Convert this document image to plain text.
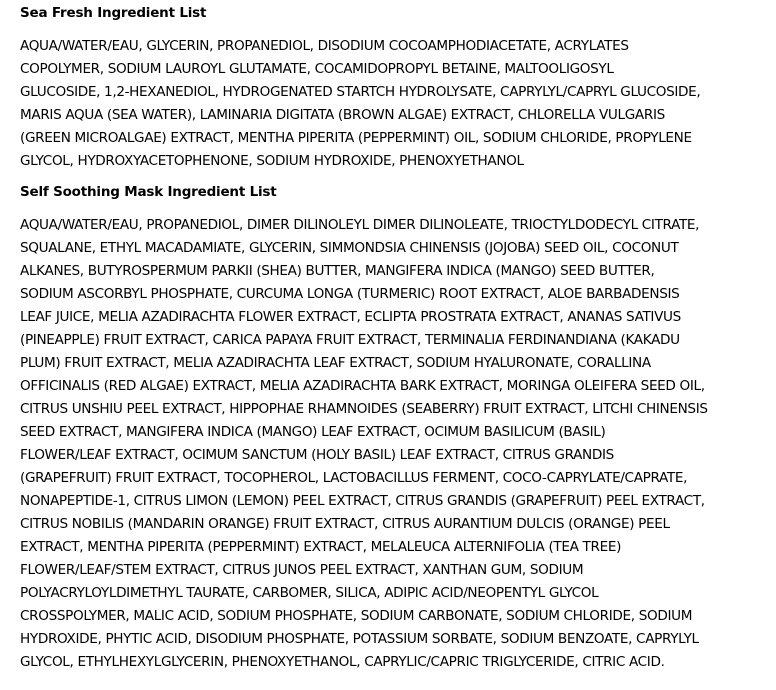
Sea Fresh Ingredient List

AQUA/WATER/EAU, GLYCERIN, PROPANEDIOL, DISODIUM COCOAMPHODIACETATE, ACRYLATES
COPOLYMER, SODIUM LAUROYL GLUTAMATE, COCAMIDOPROPYL BETAINE, MALTOOLIGOSYL
GLUCOSIDE, 1,2-HEXANEDIOL, HYDROGENATED STARTCH HYDROLYSATE, CAPRYLYL/CAPRYL GLUCOSIDE,
MARIS AQUA (SEA WATER), LAMINARIA DIGITATA (BROWN ALGAE) EXTRACT, CHLORELLA VULGARIS
(GREEN MICROALGAE) EXTRACT, MENTHA PIPERITA (PEPPERMINT) OIL, SODIUM CHLORIDE, PROPYLENE
GLYCOL, HYDROXYACETOPHENONE, SODIUM HYDROXIDE, PHENOXYETHANOL

Self Soothing Mask Ingredient List

AQUA/WATER/EAU, PROPANEDIOL, DIMER DILINOLEYL DIMER DILINOLEATE, TRIOCTYLDODECYL CITRATE,
SQUALANE, ETHYL MACADAMIATE, GLYCERIN, SIMMONDSIA CHINENSIS (JOJOBA) SEED OIL, COCONUT
ALKANES, BUTYROSPERMUM PARKII (SHEA) BUTTER, MANGIFERA INDICA (MANGO) SEED BUTTER,
SODIUM ASCORBYL PHOSPHATE, CURCUMA LONGA (TURMERIC) ROOT EXTRACT, ALOE BARBADENSIS
LEAF JUICE, MELIA AZADIRACHTA FLOWER EXTRACT, ECLIPTA PROSTRATA EXTRACT, ANANAS SATIVUS
(PINEAPPLE) FRUIT EXTRACT, CARICA PAPAYA FRUIT EXTRACT, TERMINALIA FERDINANDIANA (KAKADU
PLUM) FRUIT EXTRACT, MELIA AZADIRACHTA LEAF EXTRACT, SODIUM HYALURONATE, CORALLINA
OFFICINALIS (RED ALGAE) EXTRACT, MELIA AZADIRACHTA BARK EXTRACT, MORINGA OLEIFERA SEED OIL,
CITRUS UNSHIU PEEL EXTRACT, HIPPOPHAE RHAMNOIDES (SEABERRY) FRUIT EXTRACT, LITCHI CHINENSIS
SEED EXTRACT, MANGIFERA INDICA (MANGO) LEAF EXTRACT, OCIMUM BASILICUM (BASIL)
FLOWER/LEAF EXTRACT, OCIMUM SANCTUM (HOLY BASIL) LEAF EXTRACT, CITRUS GRANDIS
(GRAPEFRUIT) FRUIT EXTRACT, TOCOPHEROL, LACTOBACILLUS FERMENT, COCO-CAPRYLATE/CAPRATE,
NONAPEPTIDE-1, CITRUS LIMON (LEMON) PEEL EXTRACT, CITRUS GRANDIS (GRAPEFRUIT) PEEL EXTRACT,
CITRUS NOBILIS (MANDARIN ORANGE) FRUIT EXTRACT, CITRUS AURANTIUM DULCIS (ORANGE) PEEL
EXTRACT, MENTHA PIPERITA (PEPPERMINT) EXTRACT, MELALEUCA ALTERNIFOLIA (TEA TREE)
FLOWER/LEAF/STEM EXTRACT, CITRUS JUNOS PEEL EXTRACT, XANTHAN GUM, SODIUM
POLYACRYLOYLDIMETHYL TAURATE, CARBOMER, SILICA, ADIPIC ACID/NEOPENTYL GLYCOL
CROSSPOLYMER, MALIC ACID, SODIUM PHOSPHATE, SODIUM CARBONATE, SODIUM CHLORIDE, SODIUM
HYDROXIDE, PHYTIC ACID, DISODIUM PHOSPHATE, POTASSIUM SORBATE, SODIUM BENZOATE, CAPRYLYL
GLYCOL, ETHYLHEXYLGLYCERIN, PHENOXYETHANOL, CAPRYLIC/CAPRIC TRIGLYCERIDE, CITRIC ACID.
